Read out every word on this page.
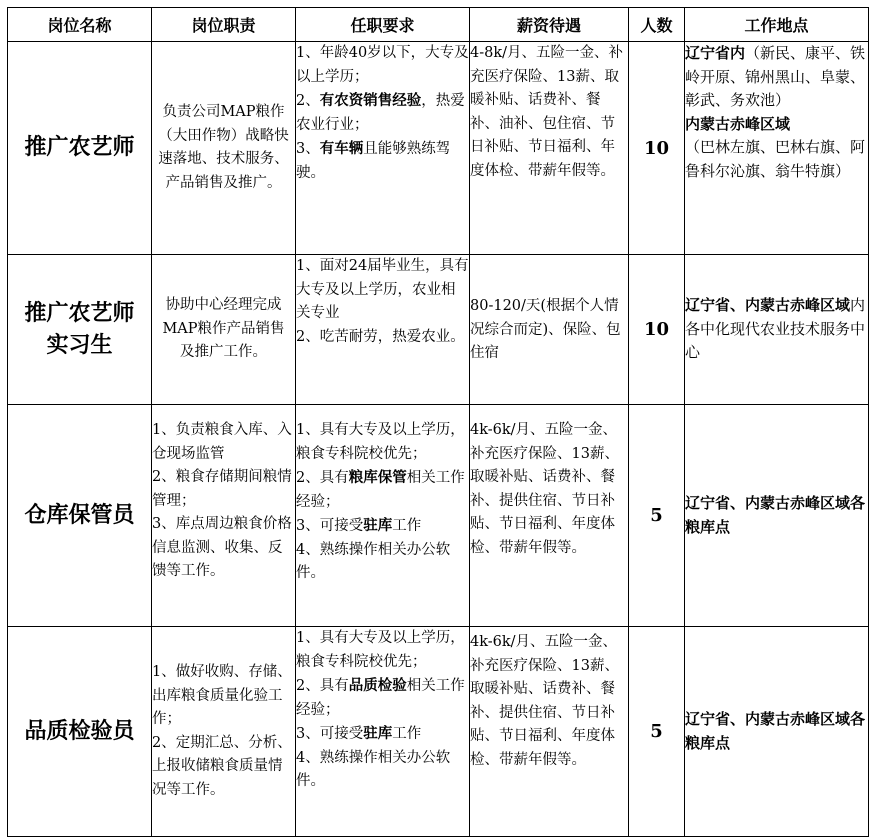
岗位名称	岗位职责	任职要求	薪资待遇	人数	工作地点
推广农艺师	负责公司MAP粮作（大田作物）战略快速落地、技术服务、产品销售及推广。	1、年龄40岁以下，大专及以上学历；
2、有农资销售经验，热爱农业行业；
3、有车辆且能够熟练驾驶。	4-8k/月、五险一金、补充医疗保险、13薪、取暖补贴、话费补、餐补、油补、包住宿、节日补贴、节日福利、年度体检、带薪年假等。	10	辽宁省内（新民、康平、铁岭开原、锦州黑山、阜蒙、彰武、务欢池）
内蒙古赤峰区域
（巴林左旗、巴林右旗、阿鲁科尔沁旗、翁牛特旗）

推广农艺师
实习生	协助中心经理完成MAP粮作产品销售及推广工作。	1、面对24届毕业生，具有大专及以上学历，农业相关专业
2、吃苦耐劳，热爱农业。	80-120/天(根据个人情况综合而定)、保险、包住宿	10	辽宁省、内蒙古赤峰区域内各中化现代农业技术服务中心
仓库保管员	1、负责粮食入库、入仓现场监管
2、粮食存储期间粮情管理；
3、库点周边粮食价格信息监测、收集、反馈等工作。	1、具有大专及以上学历，粮食专科院校优先；
2、具有粮库保管相关工作经验；
3、可接受驻库工作
4、熟练操作相关办公软件。	4k-6k/月、五险一金、补充医疗保险、13薪、取暖补贴、话费补、餐补、提供住宿、节日补贴、节日福利、年度体检、带薪年假等。	5	辽宁省、内蒙古赤峰区域各粮库点
品质检验员	1、做好收购、存储、出库粮食质量化验工作；
2、定期汇总、分析、上报收储粮食质量情况等工作。	1、具有大专及以上学历，粮食专科院校优先；
2、具有品质检验相关工作经验；
3、可接受驻库工作
4、熟练操作相关办公软件。	4k-6k/月、五险一金、补充医疗保险、13薪、取暖补贴、话费补、餐补、提供住宿、节日补贴、节日福利、年度体检、带薪年假等。	5	辽宁省、内蒙古赤峰区域各粮库点
